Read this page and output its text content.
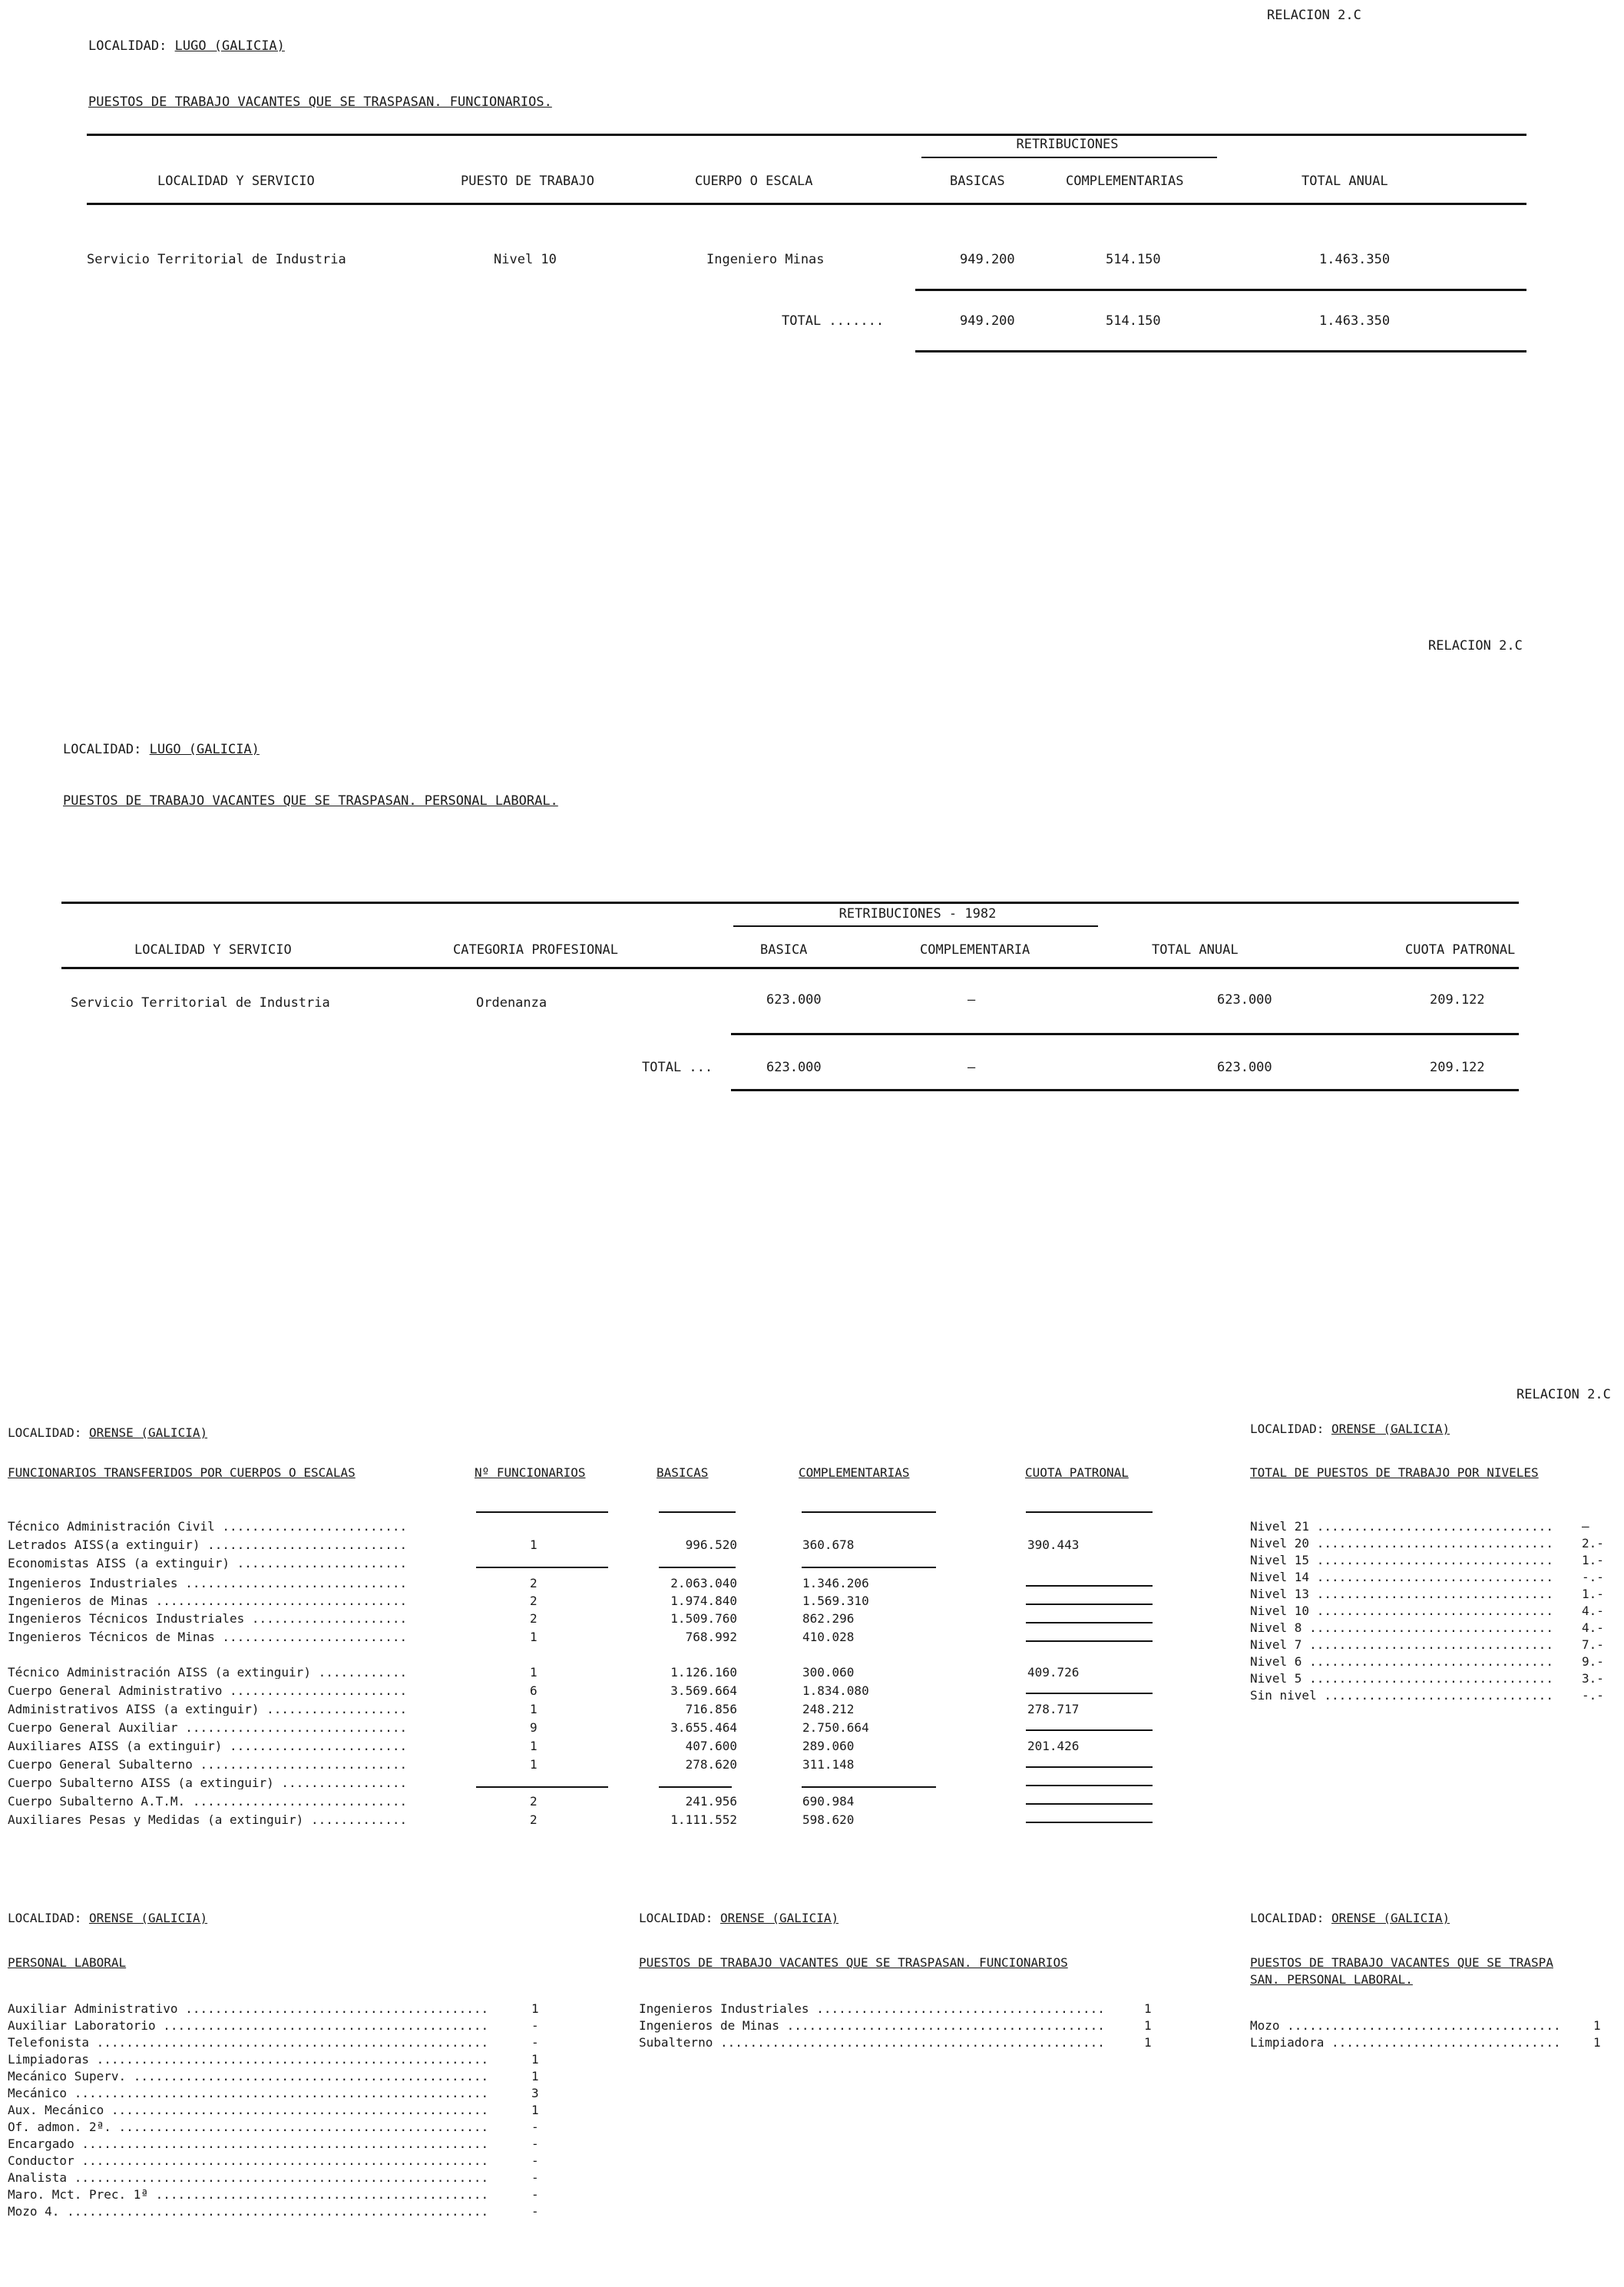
RELACION 2.C
LOCALIDAD: LUGO (GALICIA)
PUESTOS DE TRABAJO VACANTES QUE SE TRASPASAN. FUNCIONARIOS.
RETRIBUCIONES
LOCALIDAD Y SERVICIO	PUESTO DE TRABAJO	CUERPO O ESCALA	BASICAS	COMPLEMENTARIAS	TOTAL ANUAL
Servicio Territorial de Industria	Nivel 10	Ingeniero Minas	949.200	514.150	1.463.350
TOTAL .......	949.200	514.150	1.463.350
RELACION 2.C
LOCALIDAD: LUGO (GALICIA)
PUESTOS DE TRABAJO VACANTES QUE SE TRASPASAN. PERSONAL LABORAL.
RETRIBUCIONES - 1982
LOCALIDAD Y SERVICIO	CATEGORIA PROFESIONAL	BASICA	COMPLEMENTARIA	TOTAL ANUAL	CUOTA PATRONAL
Servicio Territorial de Industria	Ordenanza	623.000	—	623.000	209.122
TOTAL ...	623.000	—	623.000	209.122
RELACION 2.C
LOCALIDAD: ORENSE (GALICIA)
FUNCIONARIOS TRANSFERIDOS POR CUERPOS O ESCALAS	Nº FUNCIONARIOS	BASICAS	COMPLEMENTARIAS	CUOTA PATRONAL
Técnico Administración Civil .........................
Letrados AISS(a extinguir) ...........................	1	996.520	360.678	390.443
Economistas AISS (a extinguir) .......................
Ingenieros Industriales ..............................	2	2.063.040	1.346.206
Ingenieros de Minas ..................................	2	1.974.840	1.569.310
Ingenieros Técnicos Industriales .....................	2	1.509.760	862.296
Ingenieros Técnicos de Minas .........................	1	768.992	410.028
Técnico Administración AISS (a extinguir) ............	1	1.126.160	300.060	409.726
Cuerpo General Administrativo ........................	6	3.569.664	1.834.080
Administrativos AISS (a extinguir) ...................	1	716.856	248.212	278.717
Cuerpo General Auxiliar ..............................	9	3.655.464	2.750.664
Auxiliares AISS (a extinguir) ........................	1	407.600	289.060	201.426
Cuerpo General Subalterno ............................	1	278.620	311.148
Cuerpo Subalterno AISS (a extinguir) .................
Cuerpo Subalterno A.T.M. .............................	2	241.956	690.984
Auxiliares Pesas y Medidas (a extinguir) .............	2	1.111.552	598.620
LOCALIDAD: ORENSE (GALICIA)
TOTAL DE PUESTOS DE TRABAJO POR NIVELES
Nivel 21 ................................ —
Nivel 20 ................................ 2.-
Nivel 15 ................................ 1.-
Nivel 14 ................................ -.-
Nivel 13 ................................ 1.-
Nivel 10 ................................ 4.-
Nivel 8 ................................. 4.-
Nivel 7 ................................. 7.-
Nivel 6 ................................. 9.-
Nivel 5 ................................. 3.-
Sin nivel ............................... -.-
LOCALIDAD: ORENSE (GALICIA)
PERSONAL LABORAL
Auxiliar Administrativo .........................................	1
Auxiliar Laboratorio ............................................	-
Telefonista .....................................................	-
Limpiadoras .....................................................	1
Mecánico Superv. ................................................	1
Mecánico ........................................................	3
Aux. Mecánico ...................................................	1
Of. admon. 2ª. ..................................................	-
Encargado .......................................................	-
Conductor .......................................................	-
Analista ........................................................	-
Maro. Mct. Prec. 1ª .............................................	-
Mozo 4. .........................................................	-
LOCALIDAD: ORENSE (GALICIA)
PUESTOS DE TRABAJO VACANTES QUE SE TRASPASAN. FUNCIONARIOS
Ingenieros Industriales .......................................	1
Ingenieros de Minas ...........................................	1
Subalterno ....................................................	1
LOCALIDAD: ORENSE (GALICIA)
PUESTOS DE TRABAJO VACANTES QUE SE TRASPA
SAN. PERSONAL LABORAL.
Mozo .....................................	1
Limpiadora ...............................	1
